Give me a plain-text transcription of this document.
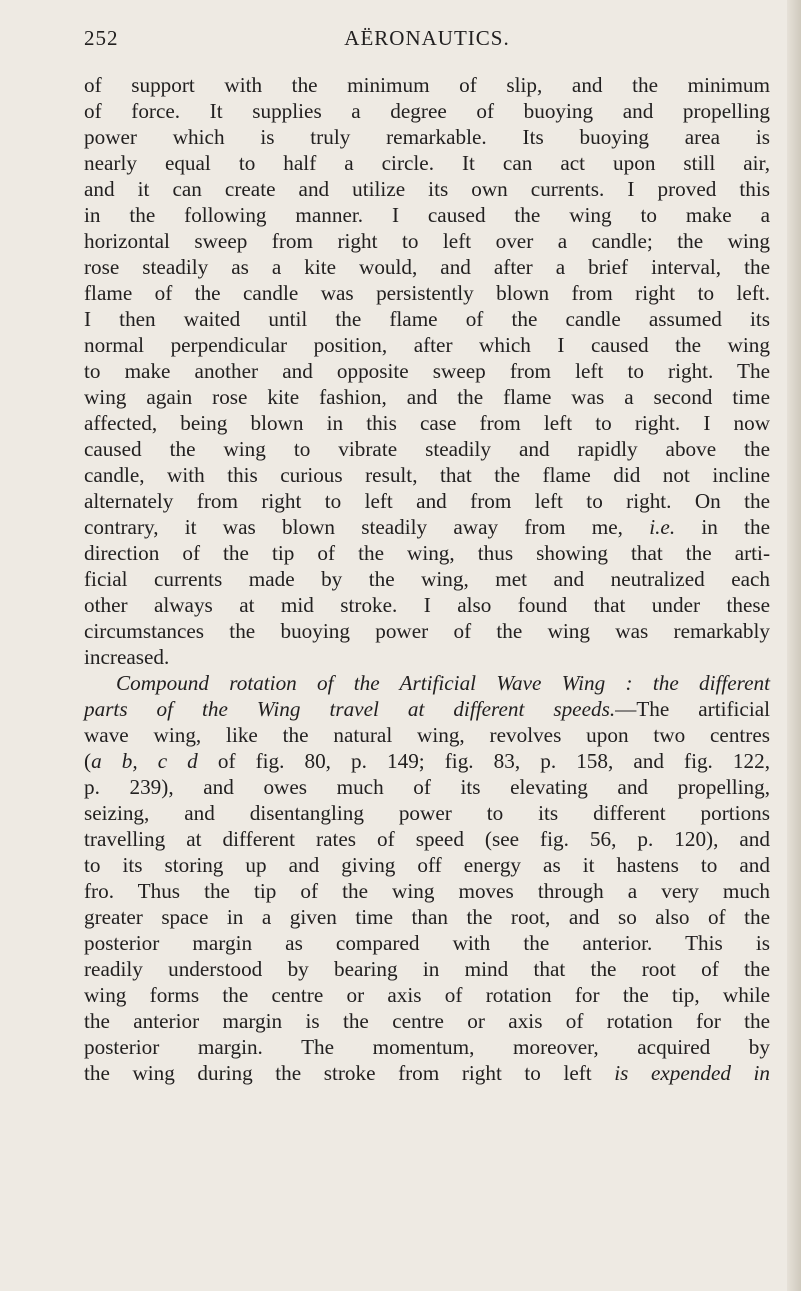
252	AËRONAUTICS.
of support with the minimum of slip, and the minimum
of force. It supplies a degree of buoying and propelling
power which is truly remarkable. Its buoying area is
nearly equal to half a circle. It can act upon still air,
and it can create and utilize its own currents. I proved this
in the following manner. I caused the wing to make a
horizontal sweep from right to left over a candle; the wing
rose steadily as a kite would, and after a brief interval, the
flame of the candle was persistently blown from right to left.
I then waited until the flame of the candle assumed its
normal perpendicular position, after which I caused the wing
to make another and opposite sweep from left to right. The
wing again rose kite fashion, and the flame was a second time
affected, being blown in this case from left to right. I now
caused the wing to vibrate steadily and rapidly above the
candle, with this curious result, that the flame did not incline
alternately from right to left and from left to right. On the
contrary, it was blown steadily away from me, i.e. in the
direction of the tip of the wing, thus showing that the arti-
ficial currents made by the wing, met and neutralized each
other always at mid stroke. I also found that under these
circumstances the buoying power of the wing was remarkably
increased.
Compound rotation of the Artificial Wave Wing : the different
parts of the Wing travel at different speeds.—The artificial
wave wing, like the natural wing, revolves upon two centres
(a b, c d of fig. 80, p. 149; fig. 83, p. 158, and fig. 122,
p. 239), and owes much of its elevating and propelling,
seizing, and disentangling power to its different portions
travelling at different rates of speed (see fig. 56, p. 120), and
to its storing up and giving off energy as it hastens to and
fro. Thus the tip of the wing moves through a very much
greater space in a given time than the root, and so also of the
posterior margin as compared with the anterior. This is
readily understood by bearing in mind that the root of the
wing forms the centre or axis of rotation for the tip, while
the anterior margin is the centre or axis of rotation for the
posterior margin. The momentum, moreover, acquired by
the wing during the stroke from right to left is expended in
